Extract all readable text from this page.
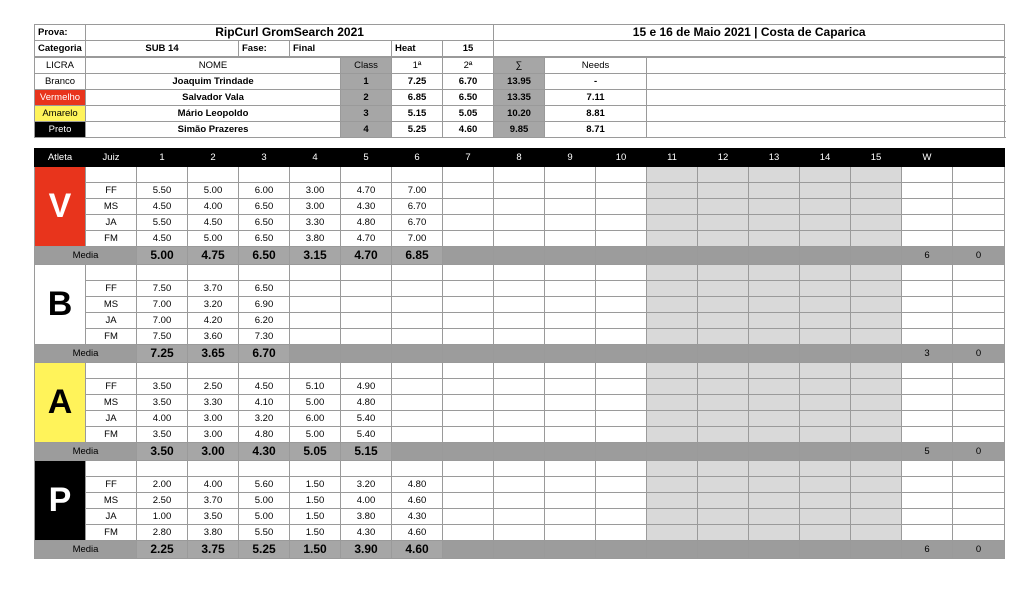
Prova:	RipCurl GromSearch 2021					15 e 16 de Maio 2021 | Costa de Caparica
Categoria	SUB 14	Fase:	Final	Heat	15	
LICRA	NOME	Class	1ª	2ª	∑	Needs	
Branco	Joaquim Trindade	1	7.25	6.70	13.95	-	
Vermelho	Salvador Vala	2	6.85	6.50	13.35	7.11	
Amarelo	Mário Leopoldo	3	5.15	5.05	10.20	8.81	
Preto	Simão Prazeres	4	5.25	4.60	9.85	8.71	
Atleta	Juiz	1	2	3	4	5	6	7	8	9	10	11	12	13	14	15	W	
V																		
	FF	5.50	5.00	6.00	3.00	4.70	7.00											
	MS	4.50	4.00	6.50	3.00	4.30	6.70											
	JA	5.50	4.50	6.50	3.30	4.80	6.70											
	FM	4.50	5.00	6.50	3.80	4.70	7.00											
Media		5.00	4.75	6.50	3.15	4.70	6.85										6	0
B																		
	FF	7.50	3.70	6.50														
	MS	7.00	3.20	6.90														
	JA	7.00	4.20	6.20														
	FM	7.50	3.60	7.30														
Media		7.25	3.65	6.70													3	0
A																		
	FF	3.50	2.50	4.50	5.10	4.90												
	MS	3.50	3.30	4.10	5.00	4.80												
	JA	4.00	3.00	3.20	6.00	5.40												
	FM	3.50	3.00	4.80	5.00	5.40												
Media		3.50	3.00	4.30	5.05	5.15											5	0
P																		
	FF	2.00	4.00	5.60	1.50	3.20	4.80											
	MS	2.50	3.70	5.00	1.50	4.00	4.60											
	JA	1.00	3.50	5.00	1.50	3.80	4.30											
	FM	2.80	3.80	5.50	1.50	4.30	4.60											
Media		2.25	3.75	5.25	1.50	3.90	4.60										6	0
